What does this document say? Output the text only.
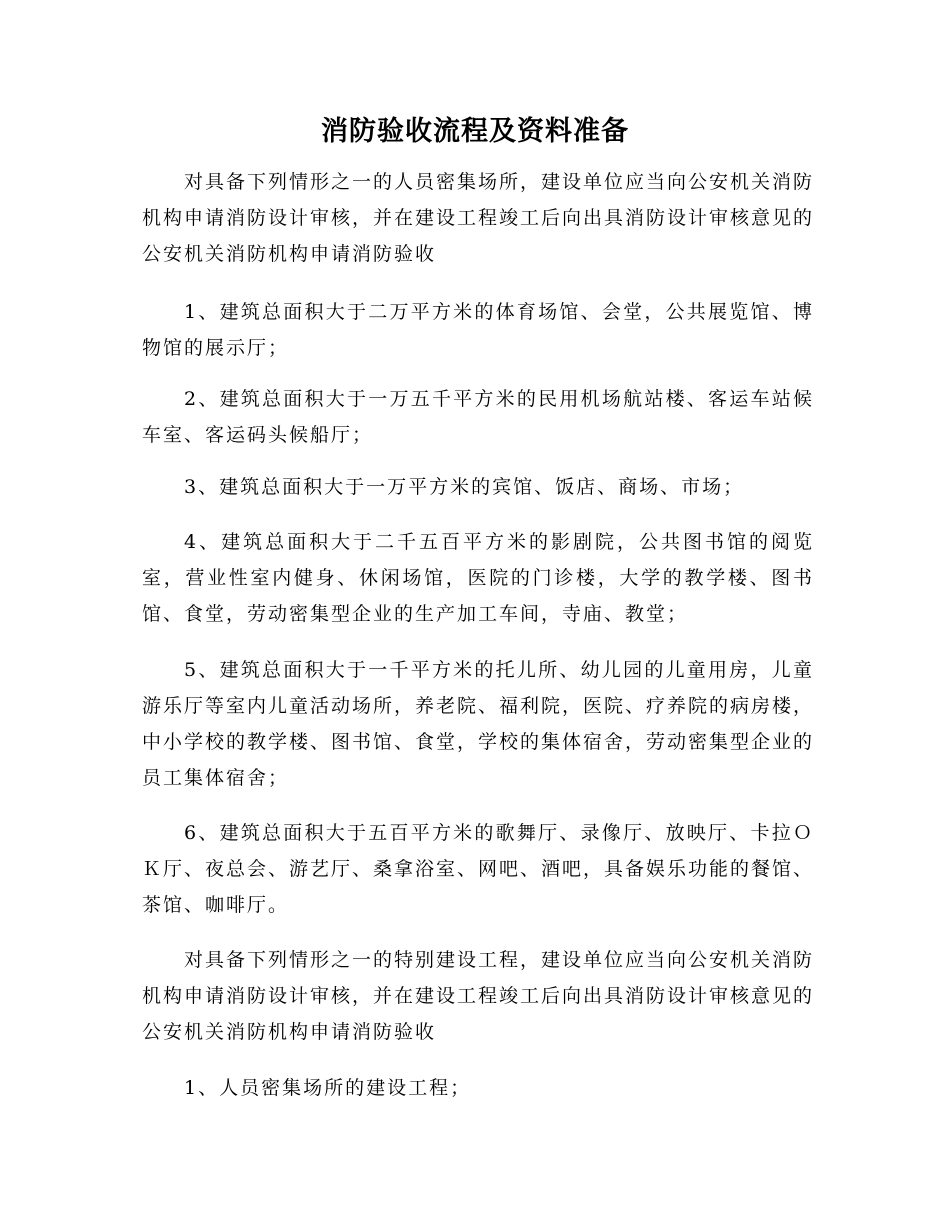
消防验收流程及资料准备

对具备下列情形之一的人员密集场所，建设单位应当向公安机关消防机构申请消防设计审核，并在建设工程竣工后向出具消防设计审核意见的公安机关消防机构申请消防验收

1、建筑总面积大于二万平方米的体育场馆、会堂，公共展览馆、博物馆的展示厅；

2、建筑总面积大于一万五千平方米的民用机场航站楼、客运车站候车室、客运码头候船厅；

3、建筑总面积大于一万平方米的宾馆、饭店、商场、市场；

4、建筑总面积大于二千五百平方米的影剧院，公共图书馆的阅览室，营业性室内健身、休闲场馆，医院的门诊楼，大学的教学楼、图书馆、食堂，劳动密集型企业的生产加工车间，寺庙、教堂；

5、建筑总面积大于一千平方米的托儿所、幼儿园的儿童用房，儿童游乐厅等室内儿童活动场所，养老院、福利院，医院、疗养院的病房楼，中小学校的教学楼、图书馆、食堂，学校的集体宿舍，劳动密集型企业的员工集体宿舍；

6、建筑总面积大于五百平方米的歌舞厅、录像厅、放映厅、卡拉ＯＫ厅、夜总会、游艺厅、桑拿浴室、网吧、酒吧，具备娱乐功能的餐馆、茶馆、咖啡厅。

对具备下列情形之一的特别建设工程，建设单位应当向公安机关消防机构申请消防设计审核，并在建设工程竣工后向出具消防设计审核意见的公安机关消防机构申请消防验收

1、人员密集场所的建设工程；
